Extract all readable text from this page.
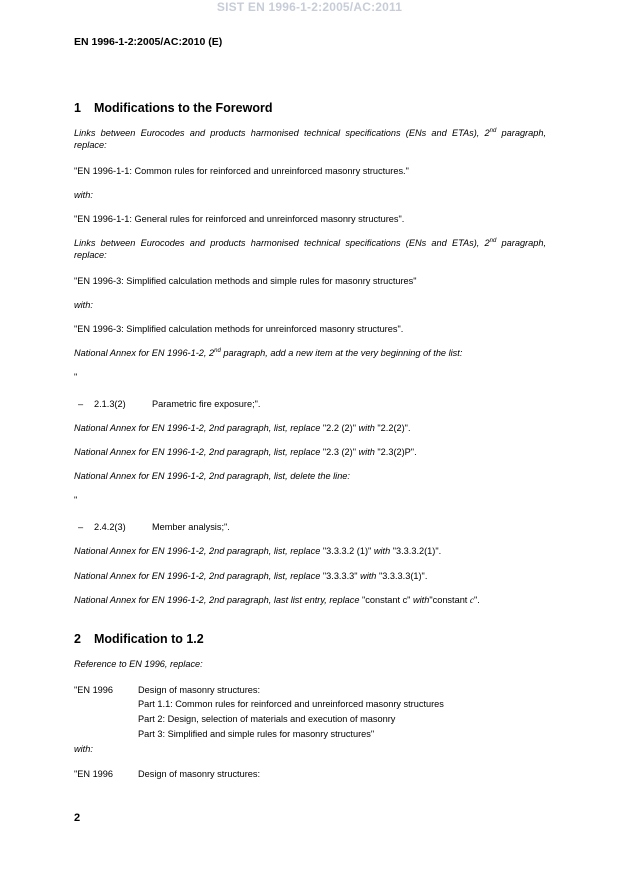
SIST EN 1996-1-2:2005/AC:2011
EN 1996-1-2:2005/AC:2010 (E)
1 Modifications to the Foreword
Links between Eurocodes and products harmonised technical specifications (ENs and ETAs), 2nd paragraph, replace:
"EN 1996-1-1: Common rules for reinforced and unreinforced masonry structures."
with:
"EN 1996-1-1: General rules for reinforced and unreinforced masonry structures".
Links between Eurocodes and products harmonised technical specifications (ENs and ETAs), 2nd paragraph, replace:
"EN 1996-3: Simplified calculation methods and simple rules for masonry structures"
with:
"EN 1996-3: Simplified calculation methods for unreinforced masonry structures".
National Annex for EN 1996-1-2, 2nd paragraph, add a new item at the very beginning of the list:
"
– 2.1.3(2)	Parametric fire exposure;".
National Annex for EN 1996-1-2, 2nd paragraph, list, replace "2.2 (2)" with "2.2(2)".
National Annex for EN 1996-1-2, 2nd paragraph, list, replace "2.3 (2)" with "2.3(2)P".
National Annex for EN 1996-1-2, 2nd paragraph, list, delete the line:
"
– 2.4.2(3)	Member analysis;".
National Annex for EN 1996-1-2, 2nd paragraph, list, replace "3.3.3.2 (1)" with "3.3.3.2(1)".
National Annex for EN 1996-1-2, 2nd paragraph, list, replace "3.3.3.3" with "3.3.3.3(1)".
National Annex for EN 1996-1-2, 2nd paragraph, last list entry, replace "constant c" with"constant c".
2 Modification to 1.2
Reference to EN 1996, replace:
"EN 1996	Design of masonry structures:
Part 1.1: Common rules for reinforced and unreinforced masonry structures
Part 2: Design, selection of materials and execution of masonry
Part 3: Simplified and simple rules for masonry structures"
with:
"EN 1996	Design of masonry structures:
2
